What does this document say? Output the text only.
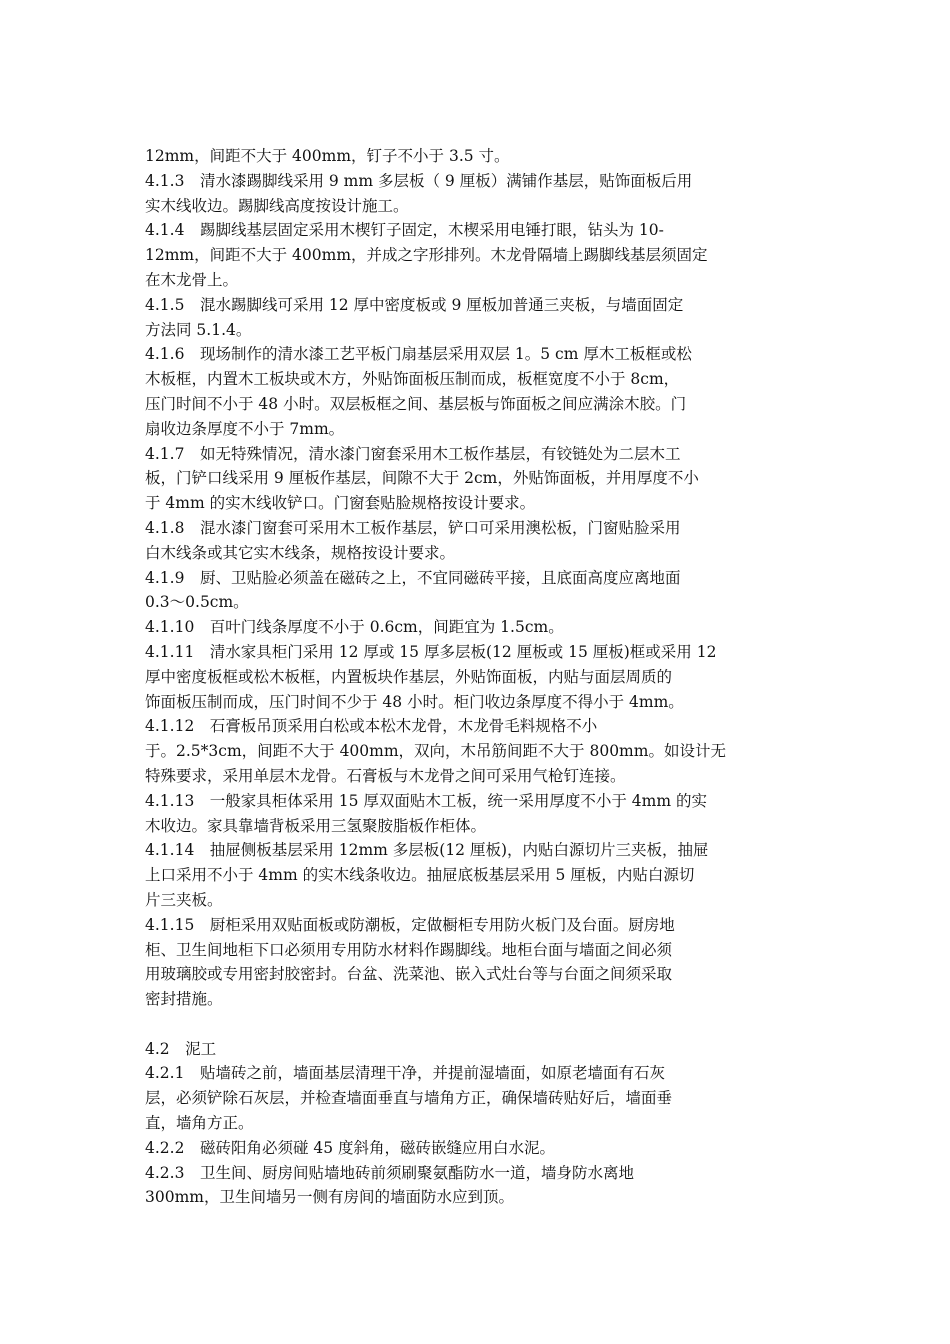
12mm，间距不大于 400mm，钉子不小于 3.5 寸。
4.1.3　清水漆踢脚线采用 9 mm 多层板（ 9 厘板）满铺作基层，贴饰面板后用
实木线收边。踢脚线高度按设计施工。
4.1.4　踢脚线基层固定采用木楔钉子固定，木楔采用电锤打眼，钻头为 10-
12mm，间距不大于 400mm，并成之字形排列。木龙骨隔墙上踢脚线基层须固定
在木龙骨上。
4.1.5　混水踢脚线可采用 12 厚中密度板或 9 厘板加普通三夹板，与墙面固定
方法同 5.1.4。
4.1.6　现场制作的清水漆工艺平板门扇基层采用双层 1。5 cm 厚木工板框或松
木板框，内置木工板块或木方，外贴饰面板压制而成，板框宽度不小于 8cm，
压门时间不小于 48 小时。双层板框之间、基层板与饰面板之间应满涂木胶。门
扇收边条厚度不小于 7mm。
4.1.7　如无特殊情况，清水漆门窗套采用木工板作基层，有铰链处为二层木工
板，门铲口线采用 9 厘板作基层，间隙不大于 2cm，外贴饰面板，并用厚度不小
于 4mm 的实木线收铲口。门窗套贴脸规格按设计要求。
4.1.8　混水漆门窗套可采用木工板作基层，铲口可采用澳松板，门窗贴脸采用
白木线条或其它实木线条，规格按设计要求。
4.1.9　厨、卫贴脸必须盖在磁砖之上，不宜同磁砖平接，且底面高度应离地面
0.3～0.5cm。
4.1.10　百叶门线条厚度不小于 0.6cm，间距宜为 1.5cm。
4.1.11　清水家具柜门采用 12 厚或 15 厚多层板(12 厘板或 15 厘板)框或采用 12
厚中密度板框或松木板框，内置板块作基层，外贴饰面板，内贴与面层周质的
饰面板压制而成，压门时间不少于 48 小时。柜门收边条厚度不得小于 4mm。
4.1.12　石膏板吊顶采用白松或本松木龙骨，木龙骨毛料规格不小
于。2.5*3cm，间距不大于 400mm，双向，木吊筋间距不大于 800mm。如设计无
特殊要求，采用单层木龙骨。石膏板与木龙骨之间可采用气枪钉连接。
4.1.13　一般家具柜体采用 15 厚双面贴木工板，统一采用厚度不小于 4mm 的实
木收边。家具靠墙背板采用三氢聚胺脂板作柜体。
4.1.14　抽屉侧板基层采用 12mm 多层板(12 厘板)，内贴白源切片三夹板，抽屉
上口采用不小于 4mm 的实木线条收边。抽屉底板基层采用 5 厘板，内贴白源切
片三夹板。
4.1.15　厨柜采用双贴面板或防潮板，定做橱柜专用防火板门及台面。厨房地
柜、卫生间地柜下口必须用专用防水材料作踢脚线。地柜台面与墙面之间必须
用玻璃胶或专用密封胶密封。台盆、洗菜池、嵌入式灶台等与台面之间须采取
密封措施。
4.2　泥工
4.2.1　贴墙砖之前，墙面基层清理干净，并提前湿墙面，如原老墙面有石灰
层，必须铲除石灰层，并检查墙面垂直与墙角方正，确保墙砖贴好后，墙面垂
直，墙角方正。
4.2.2　磁砖阳角必须碰 45 度斜角，磁砖嵌缝应用白水泥。
4.2.3　卫生间、厨房间贴墙地砖前须刷聚氨酯防水一道，墙身防水离地
300mm，卫生间墙另一侧有房间的墙面防水应到顶。
